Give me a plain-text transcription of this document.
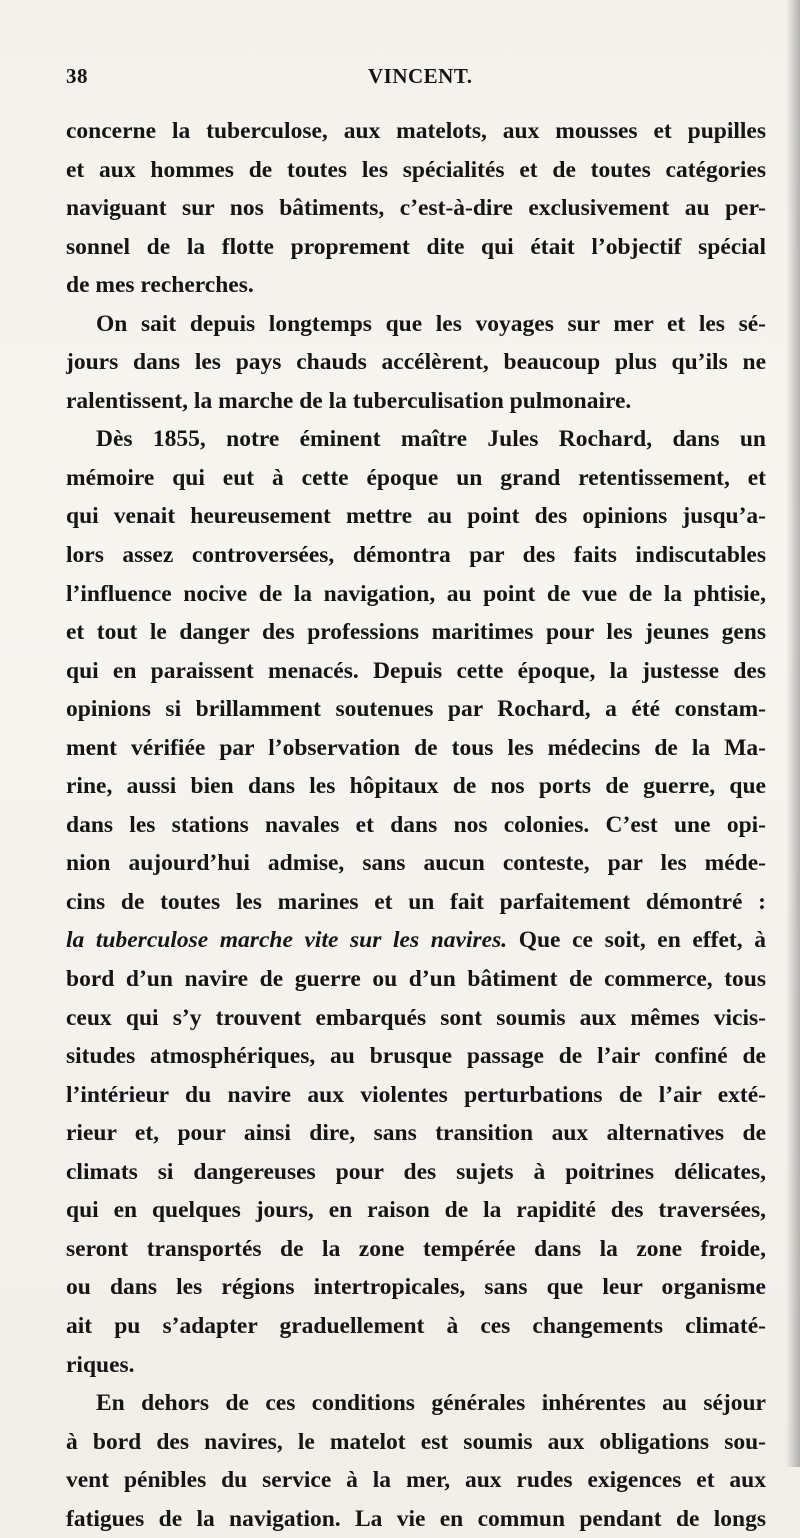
38	VINCENT.
concerne la tuberculose, aux matelots, aux mousses et pupilles
et aux hommes de toutes les spécialités et de toutes catégories
naviguant sur nos bâtiments, c’est-à-dire exclusivement au per-
sonnel de la flotte proprement dite qui était l’objectif spécial
de mes recherches.
On sait depuis longtemps que les voyages sur mer et les sé-
jours dans les pays chauds accélèrent, beaucoup plus qu’ils ne
ralentissent, la marche de la tuberculisation pulmonaire.
Dès 1855, notre éminent maître Jules Rochard, dans un
mémoire qui eut à cette époque un grand retentissement, et
qui venait heureusement mettre au point des opinions jusqu’a-
lors assez controversées, démontra par des faits indiscutables
l’influence nocive de la navigation, au point de vue de la phtisie,
et tout le danger des professions maritimes pour les jeunes gens
qui en paraissent menacés. Depuis cette époque, la justesse des
opinions si brillamment soutenues par Rochard, a été constam-
ment vérifiée par l’observation de tous les médecins de la Ma-
rine, aussi bien dans les hôpitaux de nos ports de guerre, que
dans les stations navales et dans nos colonies. C’est une opi-
nion aujourd’hui admise, sans aucun conteste, par les méde-
cins de toutes les marines et un fait parfaitement démontré :
la tuberculose marche vite sur les navires. Que ce soit, en effet, à
bord d’un navire de guerre ou d’un bâtiment de commerce, tous
ceux qui s’y trouvent embarqués sont soumis aux mêmes vicis-
situdes atmosphériques, au brusque passage de l’air confiné de
l’intérieur du navire aux violentes perturbations de l’air exté-
rieur et, pour ainsi dire, sans transition aux alternatives de
climats si dangereuses pour des sujets à poitrines délicates,
qui en quelques jours, en raison de la rapidité des traversées,
seront transportés de la zone tempérée dans la zone froide,
ou dans les régions intertropicales, sans que leur organisme
ait pu s’adapter graduellement à ces changements climaté-
riques.
En dehors de ces conditions générales inhérentes au séjour
à bord des navires, le matelot est soumis aux obligations sou-
vent pénibles du service à la mer, aux rudes exigences et aux
fatigues de la navigation. La vie en commun pendant de longs
